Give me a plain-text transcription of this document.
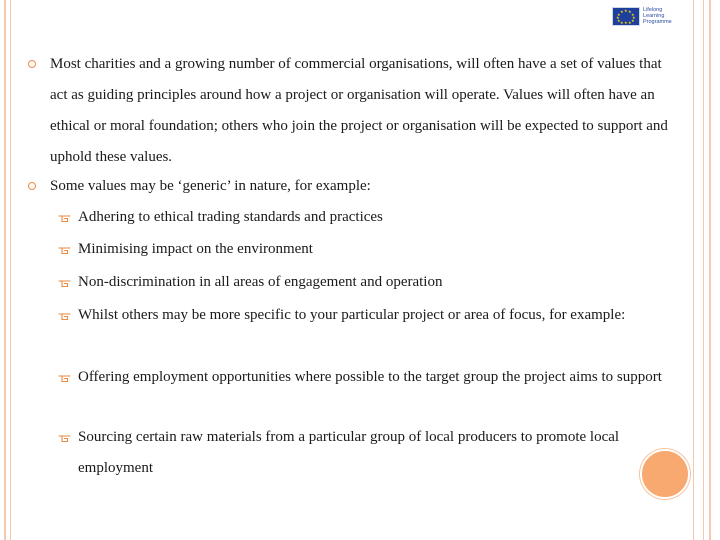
★ ★
★
★
★
★
★
★
★
★
★
★	Lifelong
Learning
Programme
Most charities and a growing number of commercial organisations, will often have a set of values that act as guiding principles around how a project or organisation will operate. Values will often have an ethical or moral foundation; others who join the project or organisation will be expected to support and uphold these values.
Some values may be ‘generic’ in nature, for example:
Adhering to ethical trading standards and practices
Minimising impact on the environment
Non-discrimination in all areas of engagement and operation
Whilst others may be more specific to your particular project or area of focus, for example:
Offering employment opportunities where possible to the target group the project aims to support
Sourcing certain raw materials from a particular group of local producers to promote local employment
